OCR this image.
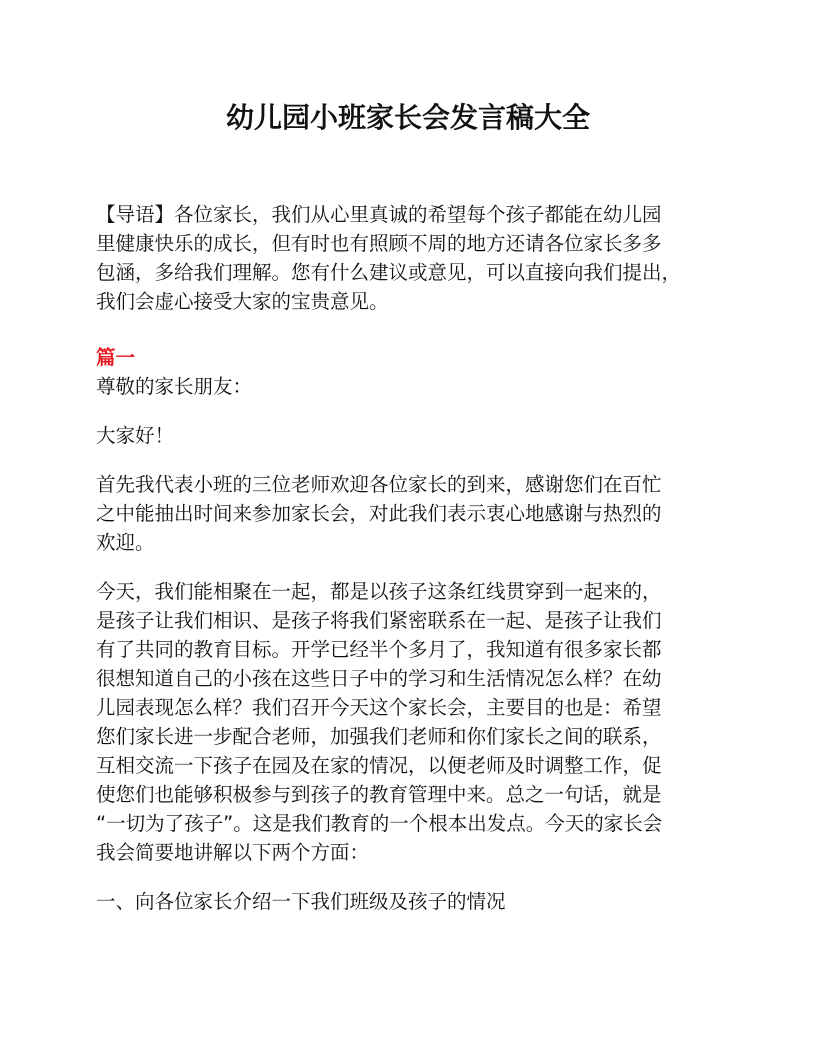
幼儿园小班家长会发言稿大全
【导语】各位家长，我们从心里真诚的希望每个孩子都能在幼儿园
里健康快乐的成长，但有时也有照顾不周的地方还请各位家长多多
包涵，多给我们理解。您有什么建议或意见，可以直接向我们提出，
我们会虚心接受大家的宝贵意见。
篇一
尊敬的家长朋友：
大家好！
首先我代表小班的三位老师欢迎各位家长的到来，感谢您们在百忙
之中能抽出时间来参加家长会，对此我们表示衷心地感谢与热烈的
欢迎。
今天，我们能相聚在一起，都是以孩子这条红线贯穿到一起来的，
是孩子让我们相识、是孩子将我们紧密联系在一起、是孩子让我们
有了共同的教育目标。开学已经半个多月了，我知道有很多家长都
很想知道自己的小孩在这些日子中的学习和生活情况怎么样？在幼
儿园表现怎么样？我们召开今天这个家长会，主要目的也是：希望
您们家长进一步配合老师，加强我们老师和你们家长之间的联系，
互相交流一下孩子在园及在家的情况，以便老师及时调整工作，促
使您们也能够积极参与到孩子的教育管理中来。总之一句话，就是
“一切为了孩子”。这是我们教育的一个根本出发点。今天的家长会
我会简要地讲解以下两个方面：
一、向各位家长介绍一下我们班级及孩子的情况
